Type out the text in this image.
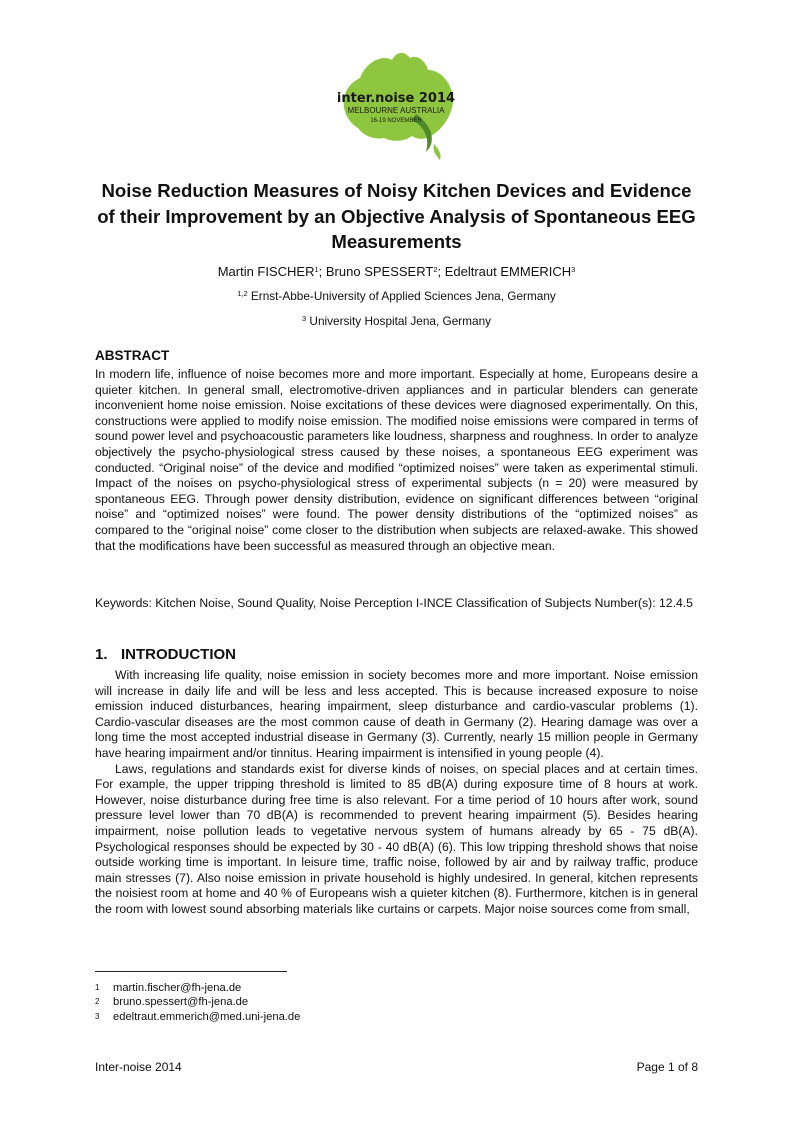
inter.noise 2014
MELBOURNE AUSTRALIA
16-19 NOVEMBER
Noise Reduction Measures of Noisy Kitchen Devices and Evidence
of their Improvement by an Objective Analysis of Spontaneous EEG
Measurements
Martin FISCHER$^1$; Bruno SPESSERT$^2$; Edeltraut EMMERICH$^3$
$^{1,2}$ Ernst-Abbe-University of Applied Sciences Jena, Germany
$^3$ University Hospital Jena, Germany
ABSTRACT
In modern life, influence of noise becomes more and more important. Especially at home, Europeans desire a quieter kitchen. In general small, electromotive-driven appliances and in particular blenders can generate inconvenient home noise emission. Noise excitations of these devices were diagnosed experimentally. On this, constructions were applied to modify noise emission. The modified noise emissions were compared in terms of sound power level and psychoacoustic parameters like loudness, sharpness and roughness. In order to analyze objectively the psycho-physiological stress caused by these noises, a spontaneous EEG experiment was conducted. “Original noise” of the device and modified “optimized noises” were taken as experimental stimuli. Impact of the noises on psycho-physiological stress of experimental subjects (n = 20) were measured by spontaneous EEG. Through power density distribution, evidence on significant differences between “original noise” and “optimized noises” were found. The power density distributions of the “optimized noises” as compared to the “original noise” come closer to the distribution when subjects are relaxed-awake. This showed that the modifications have been successful as measured through an objective mean.
Keywords: Kitchen Noise, Sound Quality, Noise Perception I-INCE Classification of Subjects Number(s): 12.4.5
1. INTRODUCTION

With increasing life quality, noise emission in society becomes more and more important. Noise emission will increase in daily life and will be less and less accepted. This is because increased exposure to noise emission induced disturbances, hearing impairment, sleep disturbance and cardio-vascular problems (1). Cardio-vascular diseases are the most common cause of death in Germany (2). Hearing damage was over a long time the most accepted industrial disease in Germany (3). Currently, nearly 15 million people in Germany have hearing impairment and/or tinnitus. Hearing impairment is intensified in young people (4).

Laws, regulations and standards exist for diverse kinds of noises, on special places and at certain times. For example, the upper tripping threshold is limited to 85 dB(A) during exposure time of 8 hours at work. However, noise disturbance during free time is also relevant. For a time period of 10 hours after work, sound pressure level lower than 70 dB(A) is recommended to prevent hearing impairment (5). Besides hearing impairment, noise pollution leads to vegetative nervous system of humans already by 65 - 75 dB(A). Psychological responses should be expected by 30 - 40 dB(A) (6). This low tripping threshold shows that noise outside working time is important. In leisure time, traffic noise, followed by air and by railway traffic, produce main stresses (7). Also noise emission in private household is highly undesired. In general, kitchen represents the noisiest room at home and 40 % of Europeans wish a quieter kitchen (8). Furthermore, kitchen is in general the room with lowest sound absorbing materials like curtains or carpets. Major noise sources come from small,

1	martin.fischer@fh-jena.de
2	bruno.spessert@fh-jena.de
3	edeltraut.emmerich@med.uni-jena.de
Inter-noise 2014	Page 1 of 8
